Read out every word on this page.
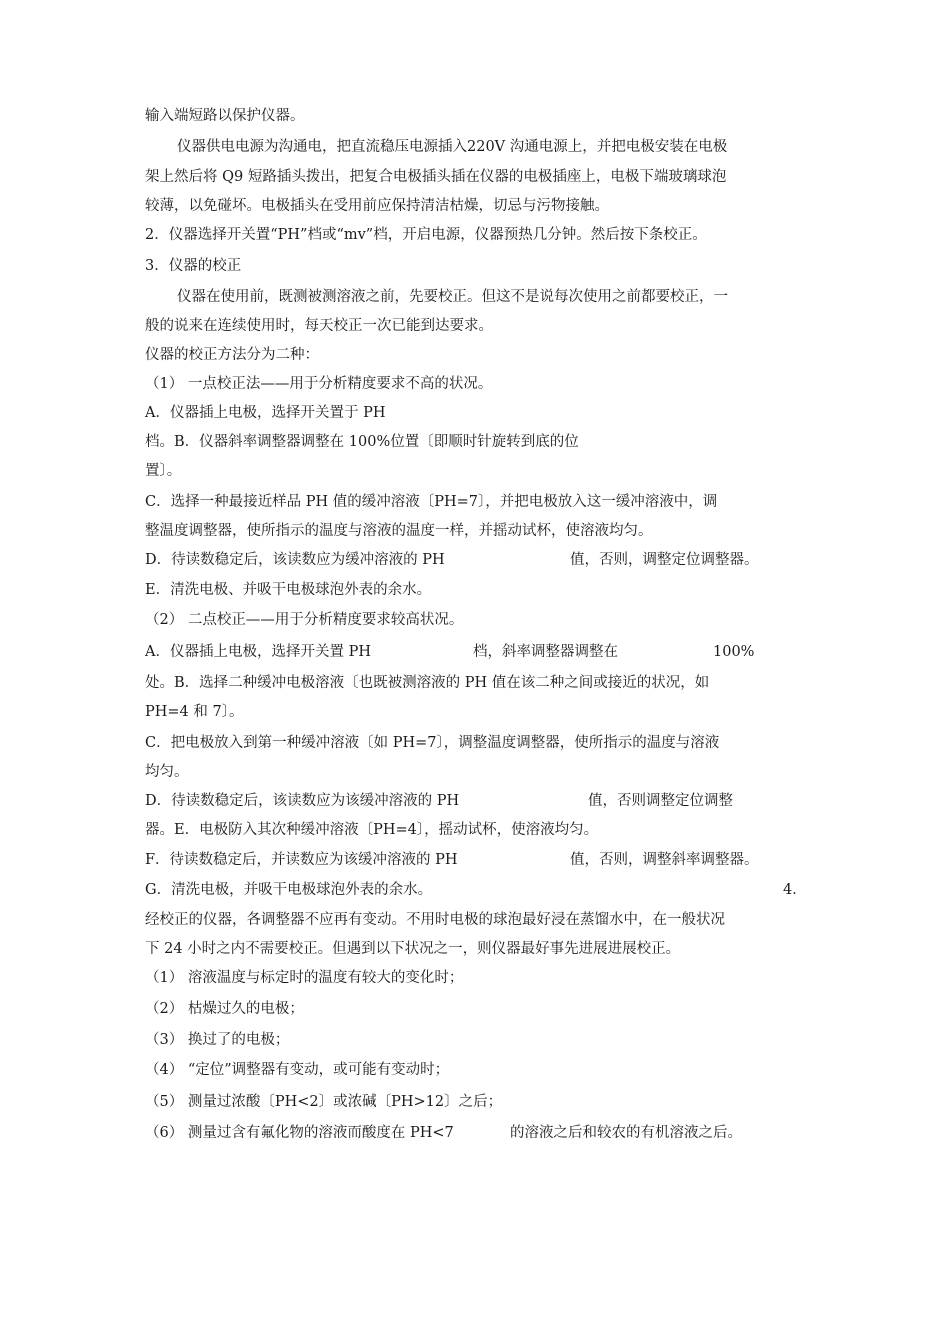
输入端短路以保护仪器。
仪器供电电源为沟通电，把直流稳压电源插入220V 沟通电源上，并把电极安装在电极
架上然后将 Q9 短路插头拨出，把复合电极插头插在仪器的电极插座上，电极下端玻璃球泡
较薄，以免碰坏。电极插头在受用前应保持清洁枯燥，切忌与污物接触。
2．仪器选择开关置“PH”档或“mv”档，开启电源，仪器预热几分钟。然后按下条校正。
3．仪器的校正
仪器在使用前，既测被测溶液之前，先要校正。但这不是说每次使用之前都要校正，一
般的说来在连续使用时，每天校正一次已能到达要求。
仪器的校正方法分为二种：
（1） 一点校正法——用于分析精度要求不高的状况。
A．仪器插上电极，选择开关置于 PH
档。B．仪器斜率调整器调整在 100%位置〔即顺时针旋转到底的位
置〕。
C．选择一种最接近样品 PH 值的缓冲溶液〔PH=7〕，并把电极放入这一缓冲溶液中，调
整温度调整器，使所指示的温度与溶液的温度一样，并摇动试杯，使溶液均匀。
D．待读数稳定后，该读数应为缓冲溶液的 PH	值，否则，调整定位调整器。
E．清洗电极、并吸干电极球泡外表的余水。
（2） 二点校正——用于分析精度要求较高状况。
A．仪器插上电极，选择开关置 PH	档，斜率调整器调整在	100%
处。B．选择二种缓冲电极溶液〔也既被测溶液的 PH 值在该二种之间或接近的状况，如
PH=4 和 7〕。
C．把电极放入到第一种缓冲溶液〔如 PH=7〕，调整温度调整器，使所指示的温度与溶液
均匀。
D．待读数稳定后，该读数应为该缓冲溶液的 PH	值，否则调整定位调整
器。E．电极防入其次种缓冲溶液〔PH=4〕，摇动试杯，使溶液均匀。
F．待读数稳定后，并读数应为该缓冲溶液的 PH	值，否则，调整斜率调整器。
G．清洗电极，并吸干电极球泡外表的余水。	4．
经校正的仪器，各调整器不应再有变动。不用时电极的球泡最好浸在蒸馏水中，在一般状况
下 24 小时之内不需要校正。但遇到以下状况之一，则仪器最好事先进展进展校正。
（1） 溶液温度与标定时的温度有较大的变化时；
（2） 枯燥过久的电极；
（3） 换过了的电极；
（4） “定位”调整器有变动，或可能有变动时；
（5） 测量过浓酸〔PH<2〕或浓碱〔PH>12〕之后；
（6） 测量过含有氟化物的溶液而酸度在 PH<7	的溶液之后和较农的有机溶液之后。
